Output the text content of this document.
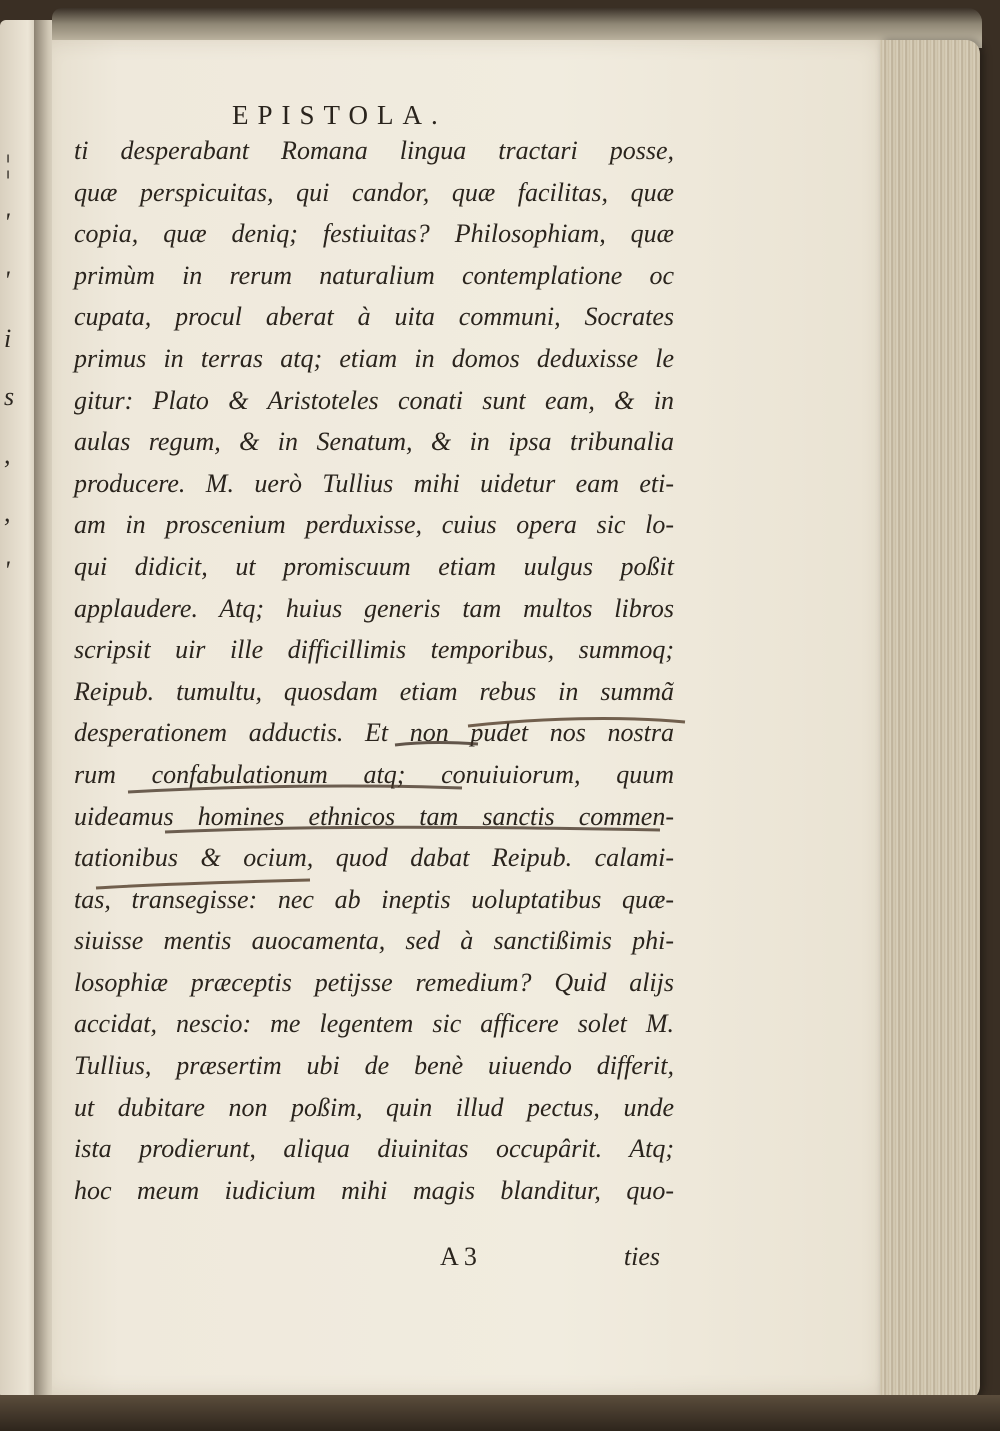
¦
'
'
i
s
,
,
'
EPISTOLA.
ti desperabant Romana lingua tractari posse,
quæ perspicuitas, qui candor, quæ facilitas, quæ
copia, quæ deniq; festiuitas? Philosophiam, quæ
primùm in rerum naturalium contemplatione oc
cupata, procul aberat à uita communi, Socrates
primus in terras atq; etiam in domos deduxisse le
gitur: Plato & Aristoteles conati sunt eam, & in
aulas regum, & in Senatum, & in ipsa tribunalia
producere. M. uerò Tullius mihi uidetur eam eti-
am in proscenium perduxisse, cuius opera sic lo-
qui didicit, ut promiscuum etiam uulgus poßit
applaudere. Atq; huius generis tam multos libros
scripsit uir ille difficillimis temporibus, summoq;
Reipub. tumultu, quosdam etiam rebus in summã
desperationem adductis. Et non pudet nos nostra
rum confabulationum atq; conuiuiorum, quum
uideamus homines ethnicos tam sanctis commen-
tationibus & ocium, quod dabat Reipub. calami-
tas, transegisse: nec ab ineptis uoluptatibus quæ-
siuisse mentis auocamenta, sed à sanctißimis phi-
losophiæ præceptis petijsse remedium? Quid alijs
accidat, nescio: me legentem sic afficere solet M.
Tullius, præsertim ubi de benè uiuendo differit,
ut dubitare non poßim, quin illud pectus, unde
ista prodierunt, aliqua diuinitas occupârit. Atq;
hoc meum iudicium mihi magis blanditur, quo-
A 3	ties
